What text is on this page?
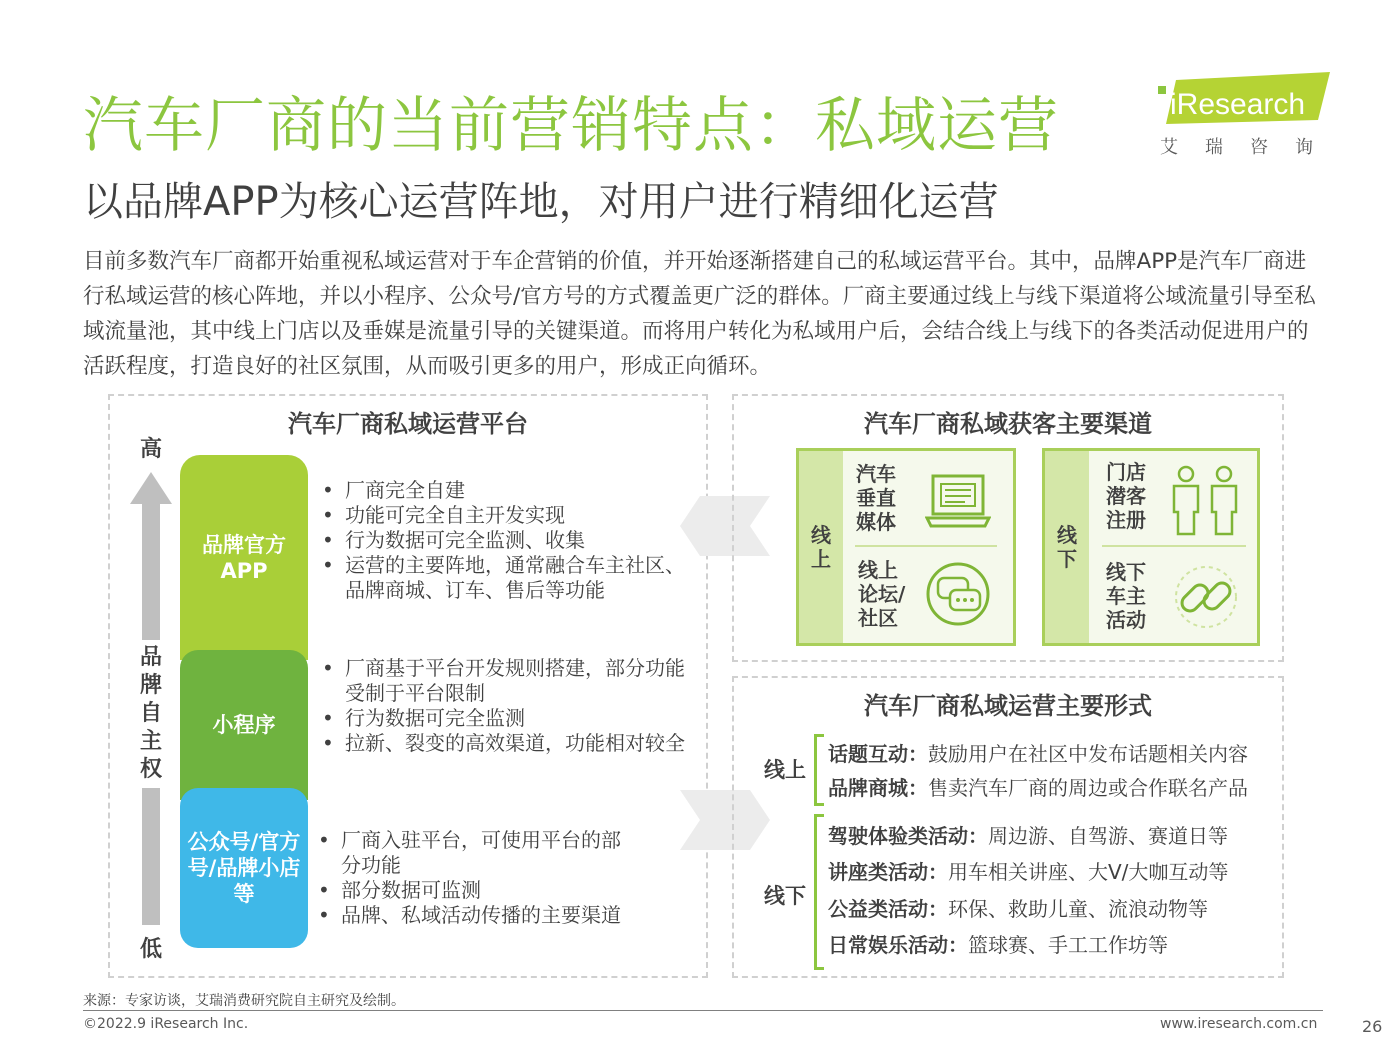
汽车厂商的当前营销特点：私域运营
以品牌APP为核心运营阵地，对用户进行精细化运营
iResearch
艾瑞咨询
目前多数汽车厂商都开始重视私域运营对于车企营销的价值，并开始逐渐搭建自己的私域运营平台。其中，品牌APP是汽车厂商进行私域运营的核心阵地，并以小程序、公众号/官方号的方式覆盖更广泛的群体。厂商主要通过线上与线下渠道将公域流量引导至私域流量池，其中线上门店以及垂媒是流量引导的关键渠道。而将用户转化为私域用户后，会结合线上与线下的各类活动促进用户的活跃程度，打造良好的社区氛围，从而吸引更多的用户，形成正向循环。
汽车厂商私域运营平台
高
低
品牌自主权
品牌官方APP
小程序
公众号/官方号/品牌小店等
• 厂商完全自建
• 功能可完全自主开发实现
• 行为数据可完全监测、收集
• 运营的主要阵地，通常融合车主社区、品牌商城、订车、售后等功能
• 厂商基于平台开发规则搭建，部分功能受制于平台限制
• 行为数据可完全监测
• 拉新、裂变的高效渠道，功能相对较全
• 厂商入驻平台，可使用平台的部分功能
• 部分数据可监测
• 品牌、私域活动传播的主要渠道
汽车厂商私域获客主要渠道
线上
汽车垂直媒体
线上论坛/社区
线下
门店潜客注册
线下车主活动
汽车厂商私域运营主要形式
线上
话题互动：鼓励用户在社区中发布话题相关内容
品牌商城：售卖汽车厂商的周边或合作联名产品
线下
驾驶体验类活动：周边游、自驾游、赛道日等
讲座类活动：用车相关讲座、大V/大咖互动等
公益类活动：环保、救助儿童、流浪动物等
日常娱乐活动：篮球赛、手工工作坊等
来源：专家访谈，艾瑞消费研究院自主研究及绘制。
©2022.9 iResearch Inc.	www.iresearch.com.cn	26
